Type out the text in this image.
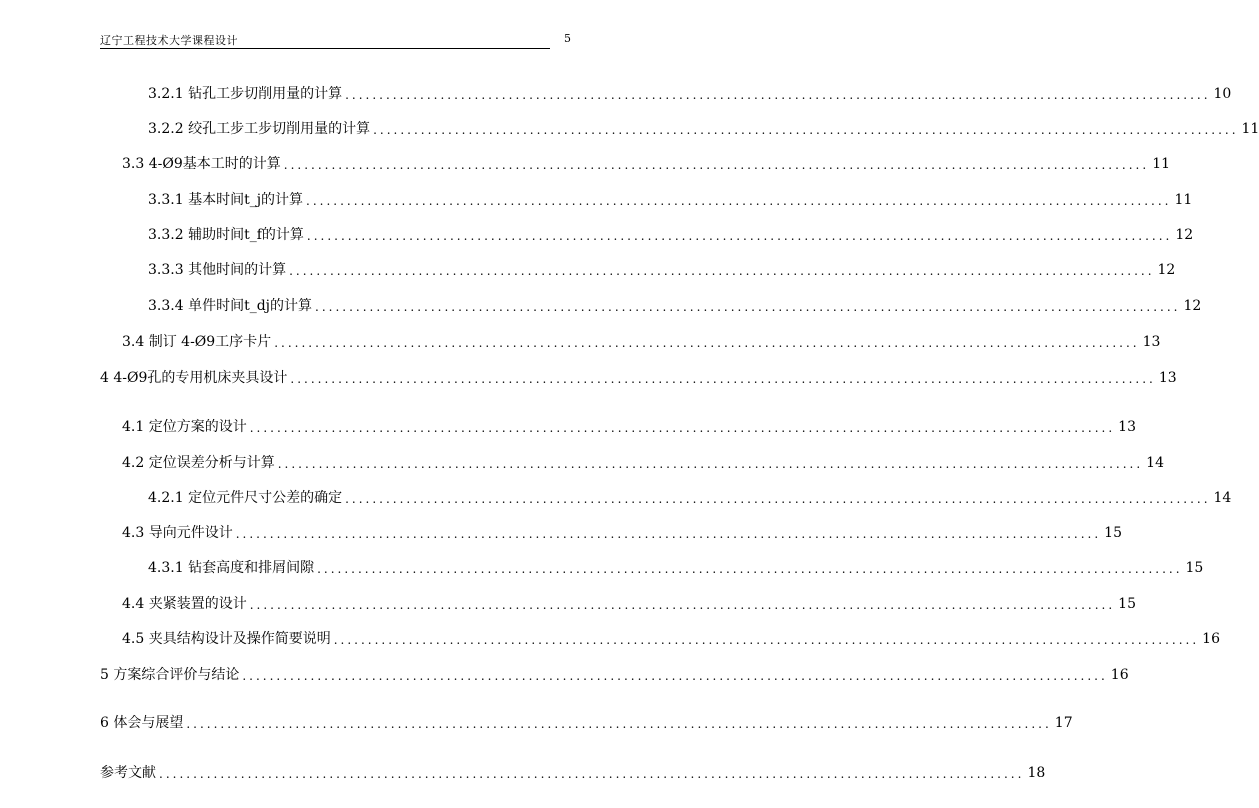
辽宁工程技术大学课程设计	5
3.2.1 钻孔工步切削用量的计算 ............................................................................................................................... 10
3.2.2 绞孔工步工步切削用量的计算 ............................................................................................................................... 11
3.3 4-Ø9基本工时的计算 ............................................................................................................................... 11
3.3.1 基本时间t_j的计算 ............................................................................................................................... 11
3.3.2 辅助时间t_f的计算 ............................................................................................................................... 12
3.3.3 其他时间的计算 ............................................................................................................................... 12
3.3.4 单件时间t_dj的计算 ............................................................................................................................... 12
3.4 制订 4-Ø9工序卡片 ............................................................................................................................... 13
4 4-Ø9孔的专用机床夹具设计 ............................................................................................................................... 13
4.1 定位方案的设计 ............................................................................................................................... 13
4.2 定位误差分析与计算 ............................................................................................................................... 14
4.2.1 定位元件尺寸公差的确定 ............................................................................................................................... 14
4.3 导向元件设计 ............................................................................................................................... 15
4.3.1 钻套高度和排屑间隙 ............................................................................................................................... 15
4.4 夹紧装置的设计 ............................................................................................................................... 15
4.5 夹具结构设计及操作简要说明 ............................................................................................................................... 16
5 方案综合评价与结论 ............................................................................................................................... 16
6 体会与展望 ............................................................................................................................... 17
参考文献 ............................................................................................................................... 18
